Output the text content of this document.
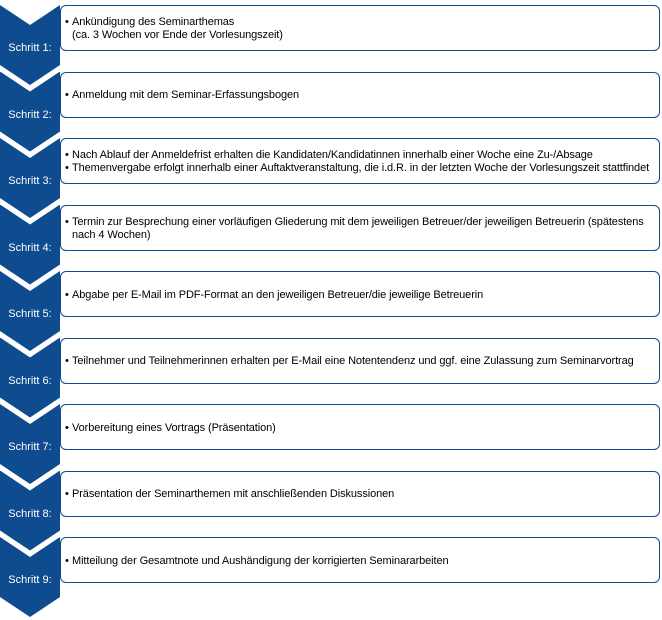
Schritt 1:
• Ankündigung des Seminarthemas
(ca. 3 Wochen vor Ende der Vorlesungszeit)
Schritt 2:
• Anmeldung mit dem Seminar-Erfassungsbogen
Schritt 3:
• Nach Ablauf der Anmeldefrist erhalten die Kandidaten/Kandidatinnen innerhalb einer Woche eine Zu-/Absage
• Themenvergabe erfolgt innerhalb einer Auftaktveranstaltung, die i.d.R. in der letzten Woche der Vorlesungszeit stattfindet
Schritt 4:
• Termin zur Besprechung einer vorläufigen Gliederung mit dem jeweiligen Betreuer/der jeweiligen Betreuerin (spätestens nach 4 Wochen)
Schritt 5:
• Abgabe per E-Mail im PDF-Format an den jeweiligen Betreuer/die jeweilige Betreuerin
Schritt 6:
• Teilnehmer und Teilnehmerinnen erhalten per E-Mail eine Notentendenz und ggf. eine Zulassung zum Seminarvortrag
Schritt 7:
• Vorbereitung eines Vortrags (Präsentation)
Schritt 8:
• Präsentation der Seminarthemen mit anschließenden Diskussionen
Schritt 9:
• Mitteilung der Gesamtnote und Aushändigung der korrigierten Seminararbeiten
